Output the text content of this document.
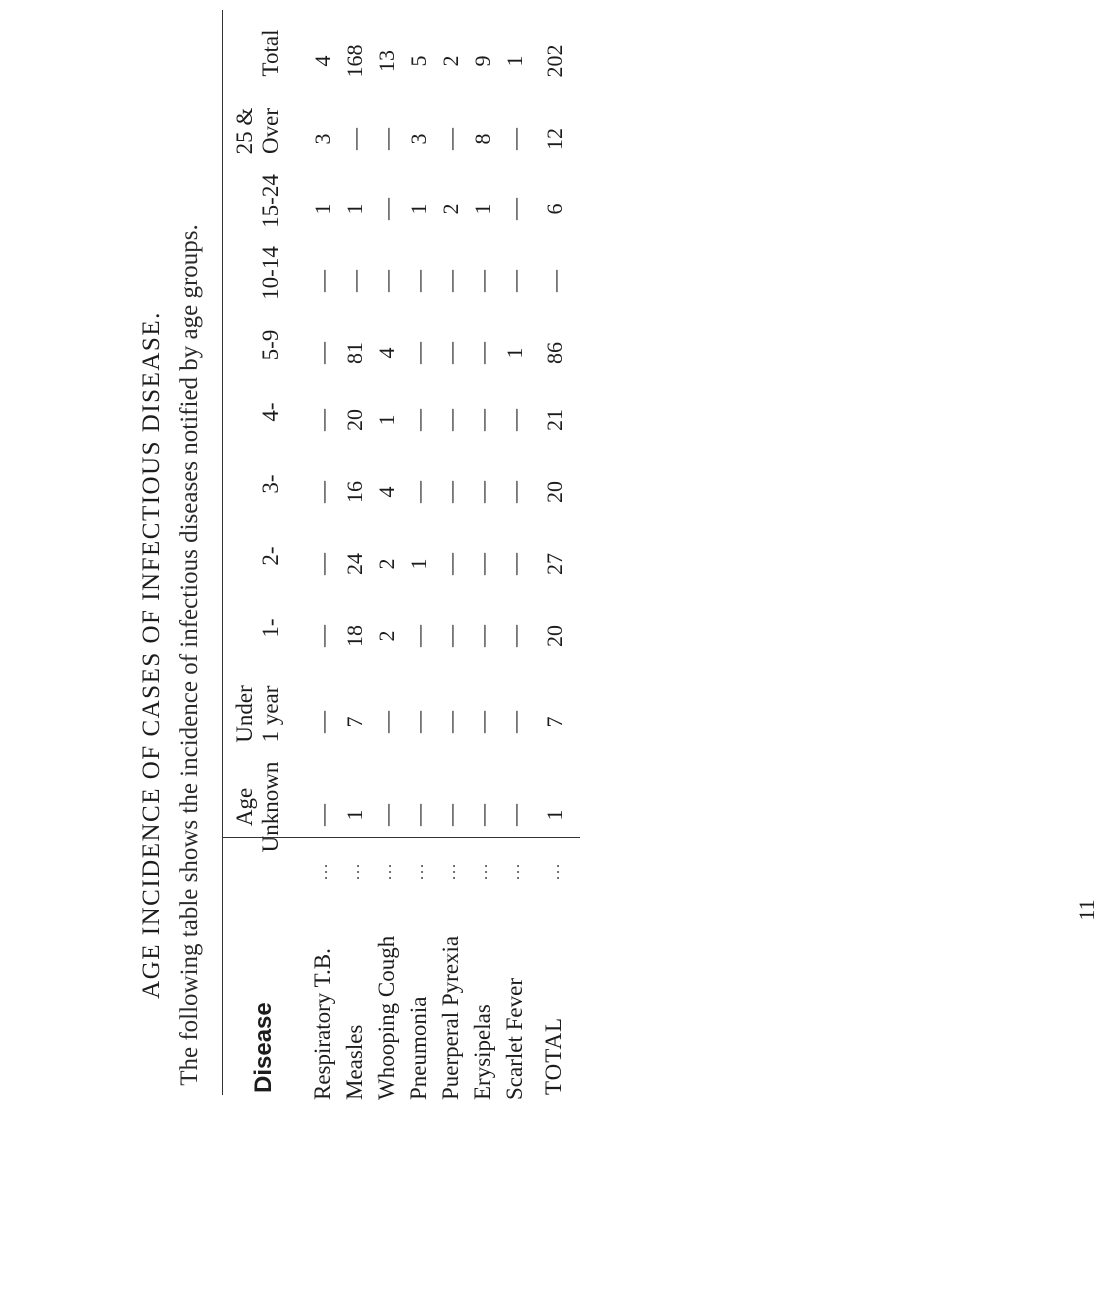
AGE INCIDENCE OF CASES OF INFECTIOUS DISEASE. The following table shows the incidence of infectious diseases notified by age groups. Disease
Age Unknown
Under 1 year
1-
2-
3-
4-
5-9
10-14
15-24
25 & Over
Total
Respiratory T.B.
...
—
—
—
—
—
—
—
—
1
3
4
Measles
...
1
7
18
24
16
20
81
—
1
—
168
Whooping Cough
...
—
—
2
2
4
1
4
—
—
—
13
Pneumonia
...
—
—
—
1
—
—
—
—
1
3
5
Puerperal Pyrexia
...
—
—
—
—
—
—
—
—
2
—
2
Erysipelas
...
—
—
—
—
—
—
—
—
1
8
9
Scarlet Fever
...
—
—
—
—
—
—
1
—
—
—
1
TOTAL
...
1
7
20
27
20
21
86
—
6
12
202
11
